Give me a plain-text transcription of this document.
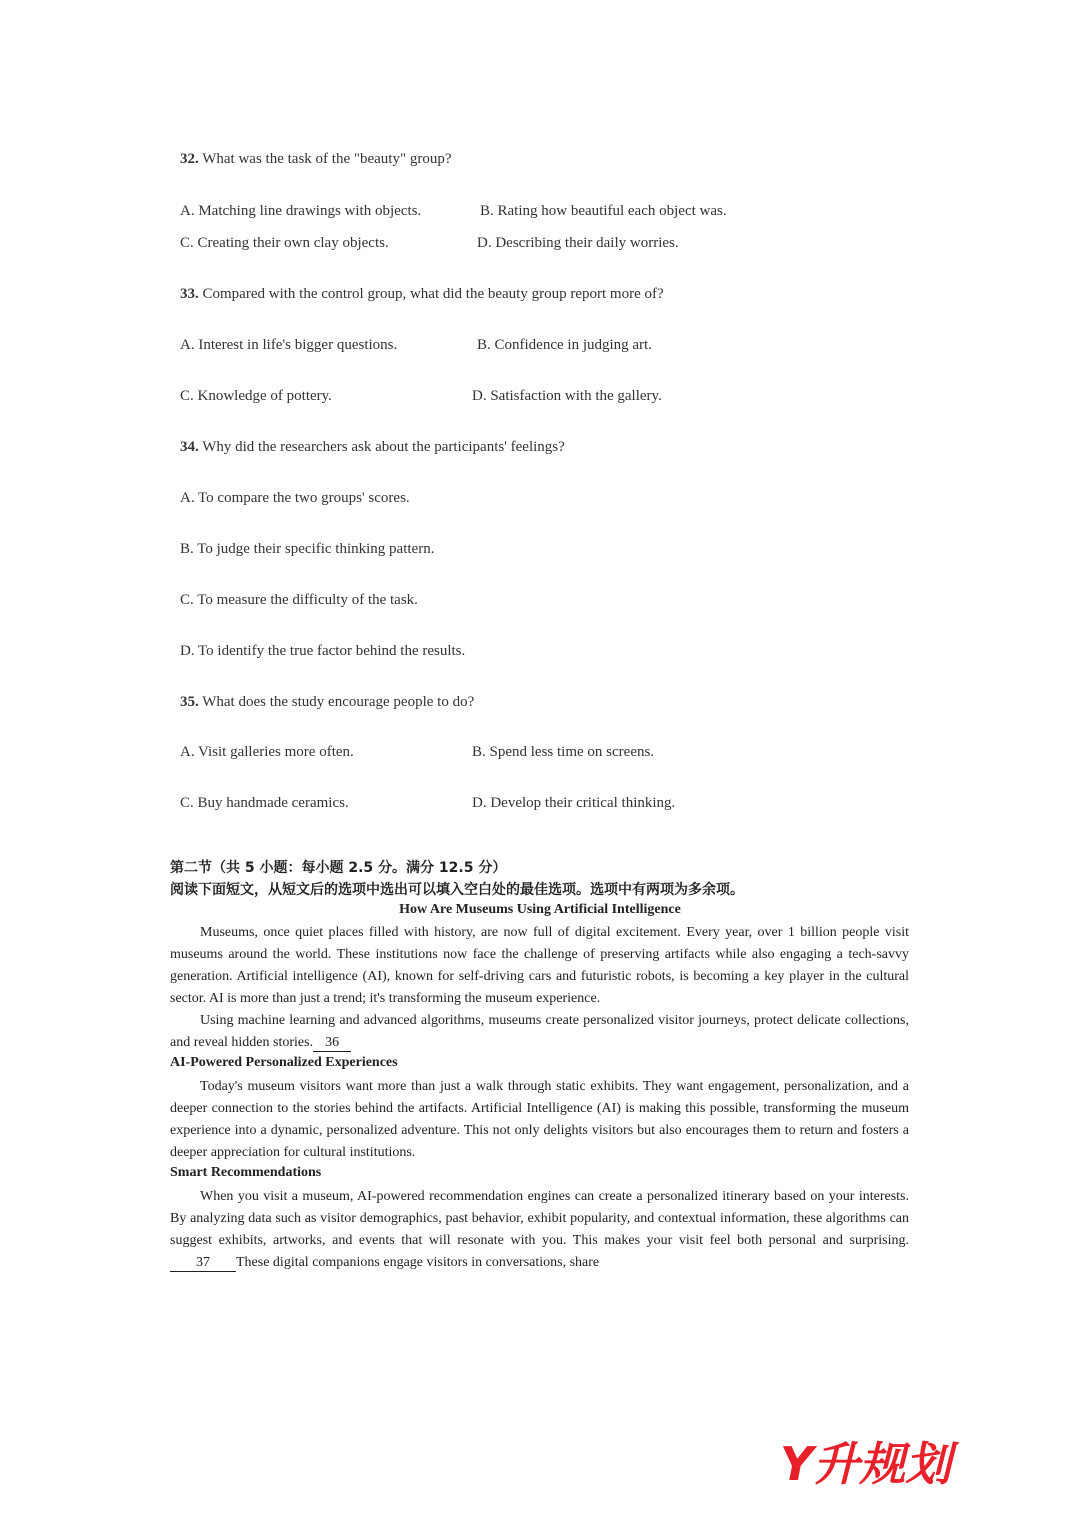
32. What was the task of the "beauty" group?
A. Matching line drawings with objects.	B. Rating how beautiful each object was.
C. Creating their own clay objects.	D. Describing their daily worries.
33. Compared with the control group, what did the beauty group report more of?
A. Interest in life's bigger questions.	B. Confidence in judging art.
C. Knowledge of pottery.	D. Satisfaction with the gallery.
34. Why did the researchers ask about the participants' feelings?
A. To compare the two groups' scores.
B. To judge their specific thinking pattern.
C. To measure the difficulty of the task.
D. To identify the true factor behind the results.
35. What does the study encourage people to do?
A. Visit galleries more often.	B. Spend less time on screens.
C. Buy handmade ceramics.	D. Develop their critical thinking.
第二节（共 5 小题：每小题 2.5 分。满分 12.5 分）
阅读下面短文，从短文后的选项中选出可以填入空白处的最佳选项。选项中有两项为多余项。
How Are Museums Using Artificial Intelligence

Museums, once quiet places filled with history, are now full of digital excitement. Every year, over 1 billion people visit museums around the world. These institutions now face the challenge of preserving artifacts while also engaging a tech-savvy generation. Artificial intelligence (AI), known for self-driving cars and futuristic robots, is becoming a key player in the cultural sector. AI is more than just a trend; it's transforming the museum experience.

Using machine learning and advanced algorithms, museums create personalized visitor journeys, protect delicate collections, and reveal hidden stories. 36

AI-Powered Personalized Experiences

Today's museum visitors want more than just a walk through static exhibits. They want engagement, personalization, and a deeper connection to the stories behind the artifacts. Artificial Intelligence (AI) is making this possible, transforming the museum experience into a dynamic, personalized adventure. This not only delights visitors but also encourages them to return and fosters a deeper appreciation for cultural institutions.

Smart Recommendations

When you visit a museum, AI-powered recommendation engines can create a personalized itinerary based on your interests. By analyzing data such as visitor demographics, past behavior, exhibit popularity, and contextual information, these algorithms can suggest exhibits, artworks, and events that will resonate with you. This makes your visit feel both personal and surprising.37 These digital companions engage visitors in conversations, share

Y升规划
